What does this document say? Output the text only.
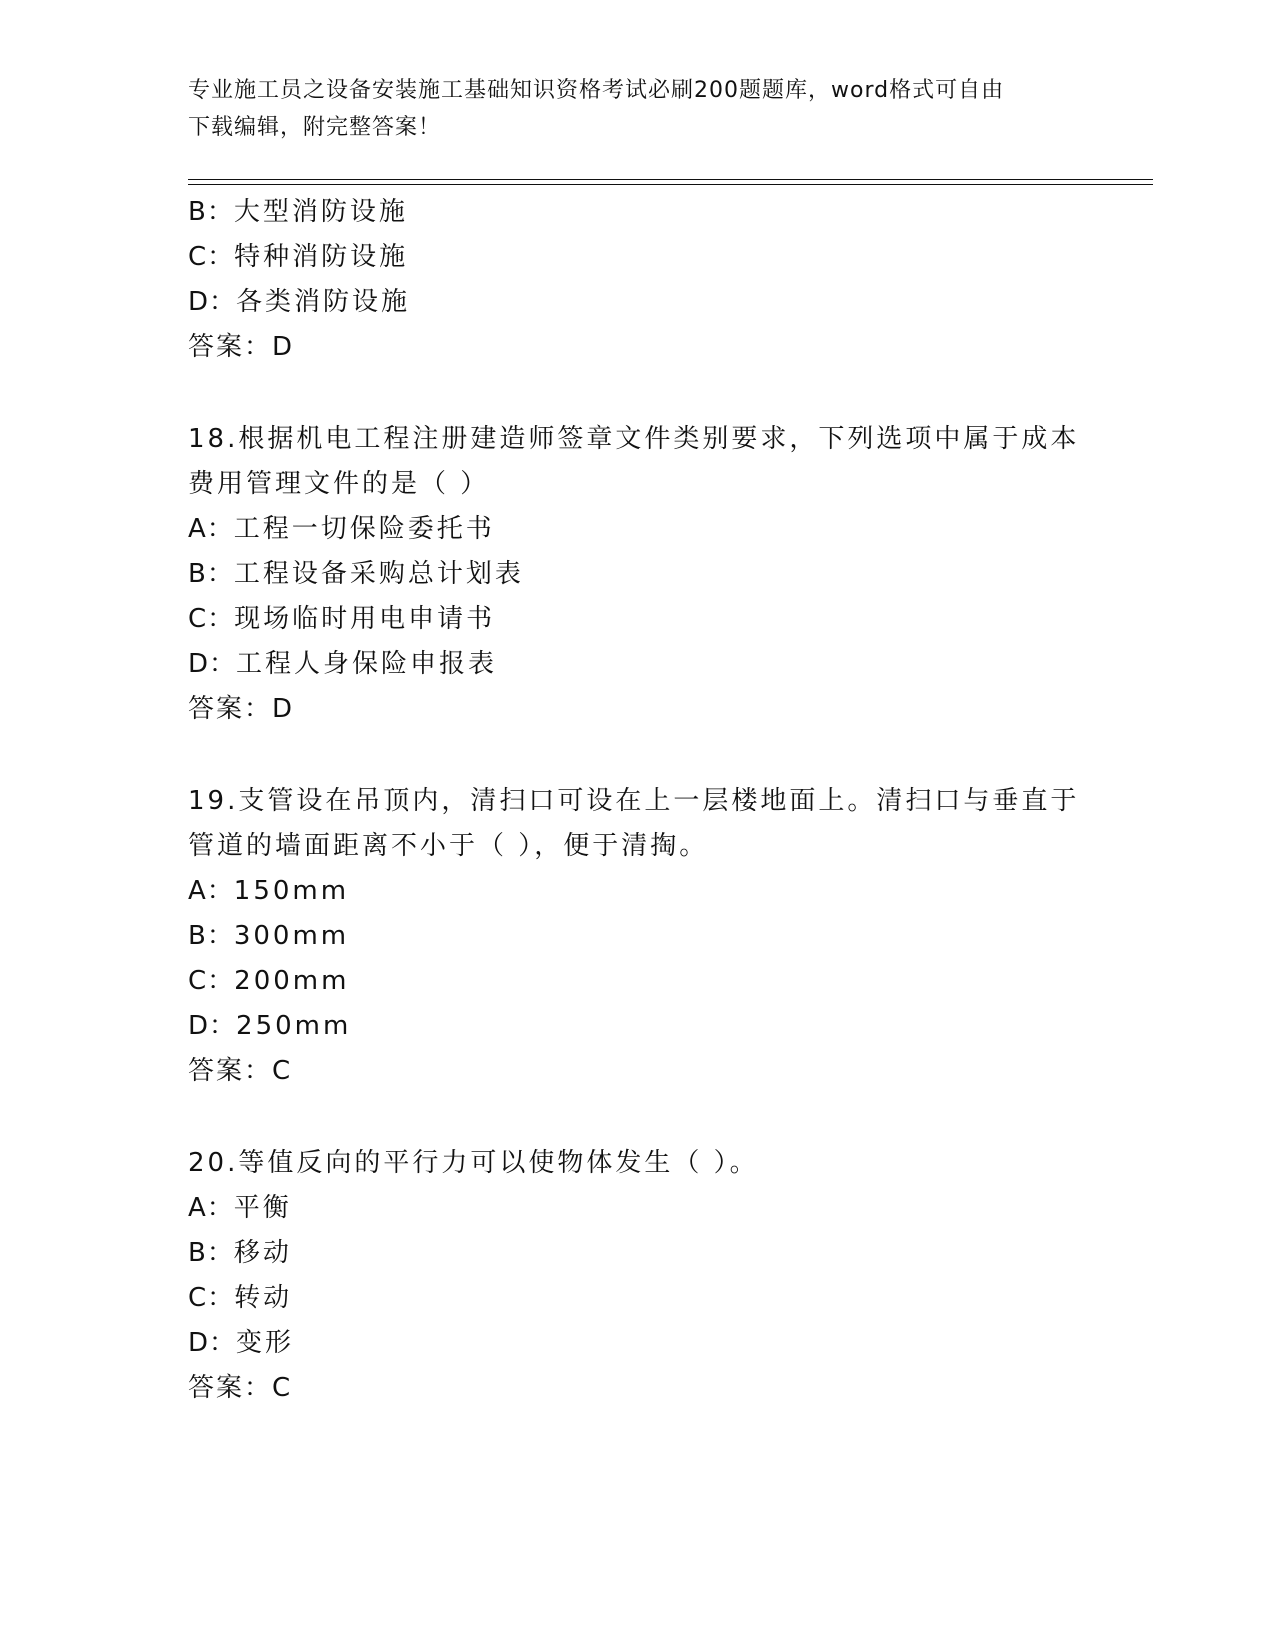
专业施工员之设备安装施工基础知识资格考试必刷200题题库，word格式可自由
下载编辑，附完整答案！
B：大型消防设施
C：特种消防设施
D：各类消防设施
答案：D
18.根据机电工程注册建造师签章文件类别要求，下列选项中属于成本
费用管理文件的是（ ）
A：工程一切保险委托书
B：工程设备采购总计划表
C：现场临时用电申请书
D：工程人身保险申报表
答案：D
19.支管设在吊顶内，清扫口可设在上一层楼地面上。清扫口与垂直于
管道的墙面距离不小于（ ），便于清掏。
A：150mm
B：300mm
C：200mm
D：250mm
答案：C
20.等值反向的平行力可以使物体发生（ ）。
A：平衡
B：移动
C：转动
D：变形
答案：C
